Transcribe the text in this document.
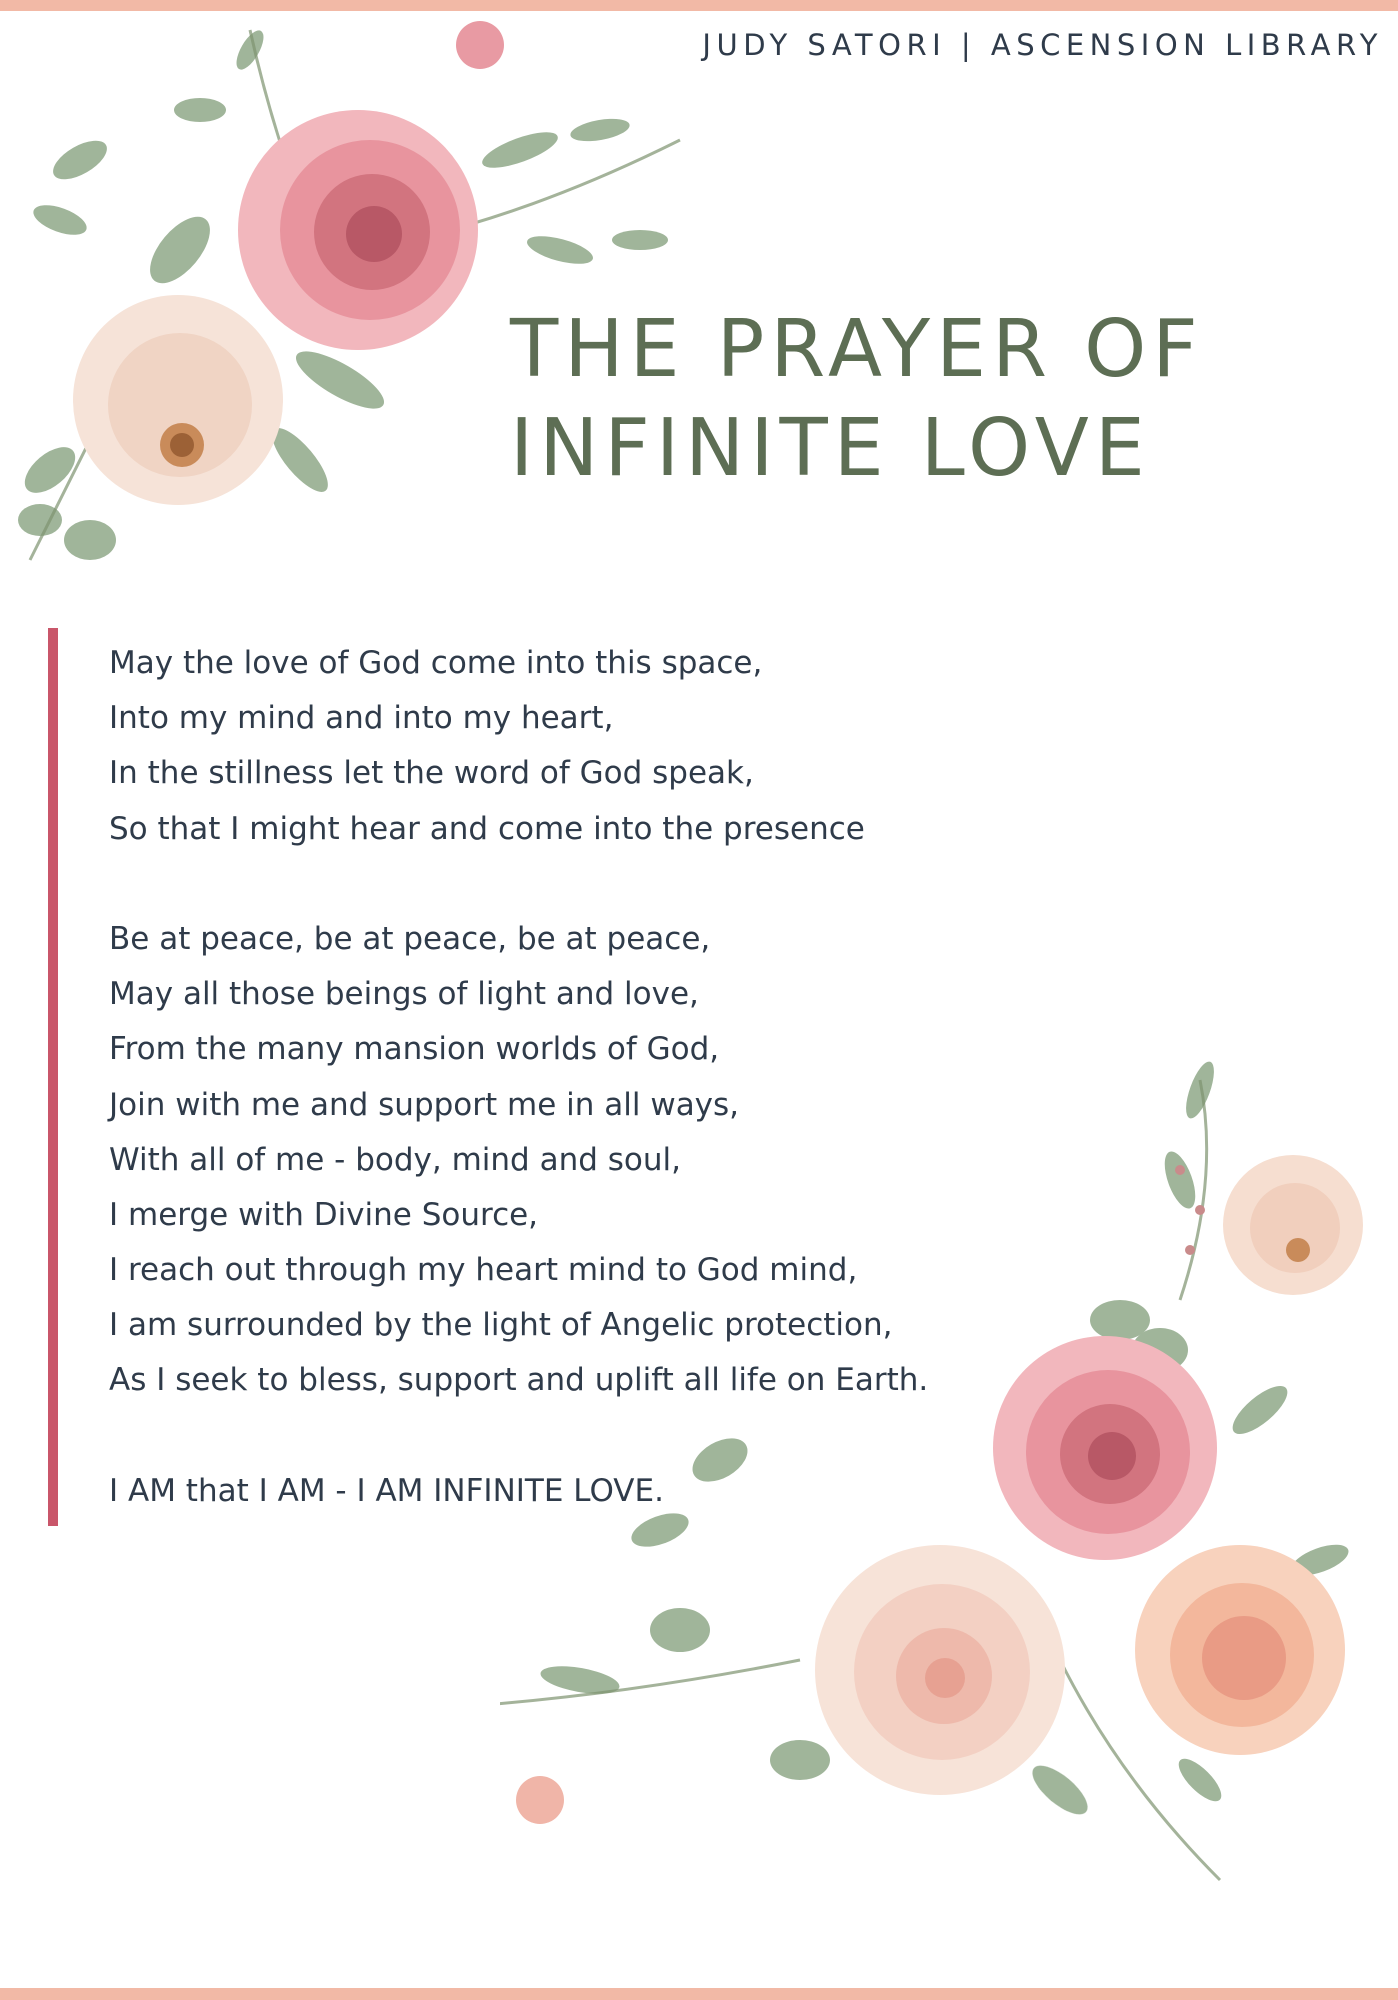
JUDY SATORI | ASCENSION LIBRARY
THE PRAYER OF
INFINITE LOVE
May the love of God come into this space,
Into my mind and into my heart,
In the stillness let the word of God speak,
So that I might hear and come into the presence
Be at peace, be at peace, be at peace,
May all those beings of light and love,
From the many mansion worlds of God,
Join with me and support me in all ways,
With all of me - body, mind and soul,
I merge with Divine Source,
I reach out through my heart mind to God mind,
I am surrounded by the light of Angelic protection,
As I seek to bless, support and uplift all life on Earth.
I AM that I AM - I AM INFINITE LOVE.
